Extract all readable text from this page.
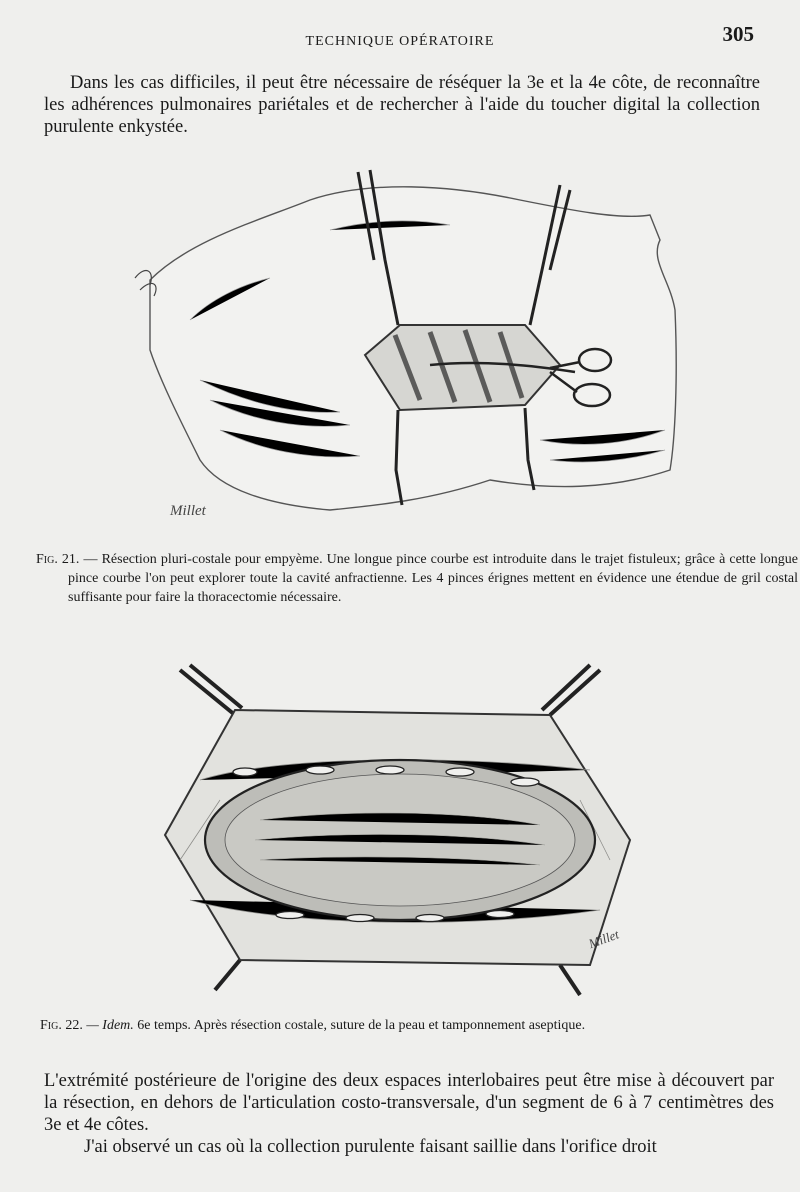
TECHNIQUE OPÉRATOIRE	305

Dans les cas difficiles, il peut être nécessaire de réséquer la 3e et la 4e côte, de reconnaître les adhérences pulmonaires pariétales et de rechercher à l'aide du toucher digital la collection purulente enkystée.

Millet

Fig. 21. — Résection pluri-costale pour empyème. Une longue pince courbe est introduite dans le trajet fistuleux; grâce à cette longue pince courbe l'on peut explorer toute la cavité anfractienne. Les 4 pinces érignes mettent en évidence une étendue de gril costal suffisante pour faire la thoracectomie nécessaire.

Millet

Fig. 22. — Idem. 6e temps. Après résection costale, suture de la peau et tamponnement aseptique.

L'extrémité postérieure de l'origine des deux espaces interlobaires peut être mise à découvert par la résection, en dehors de l'articulation costo-transversale, d'un segment de 6 à 7 centimètres des 3e et 4e côtes.

J'ai observé un cas où la collection purulente faisant saillie dans l'orifice droit
